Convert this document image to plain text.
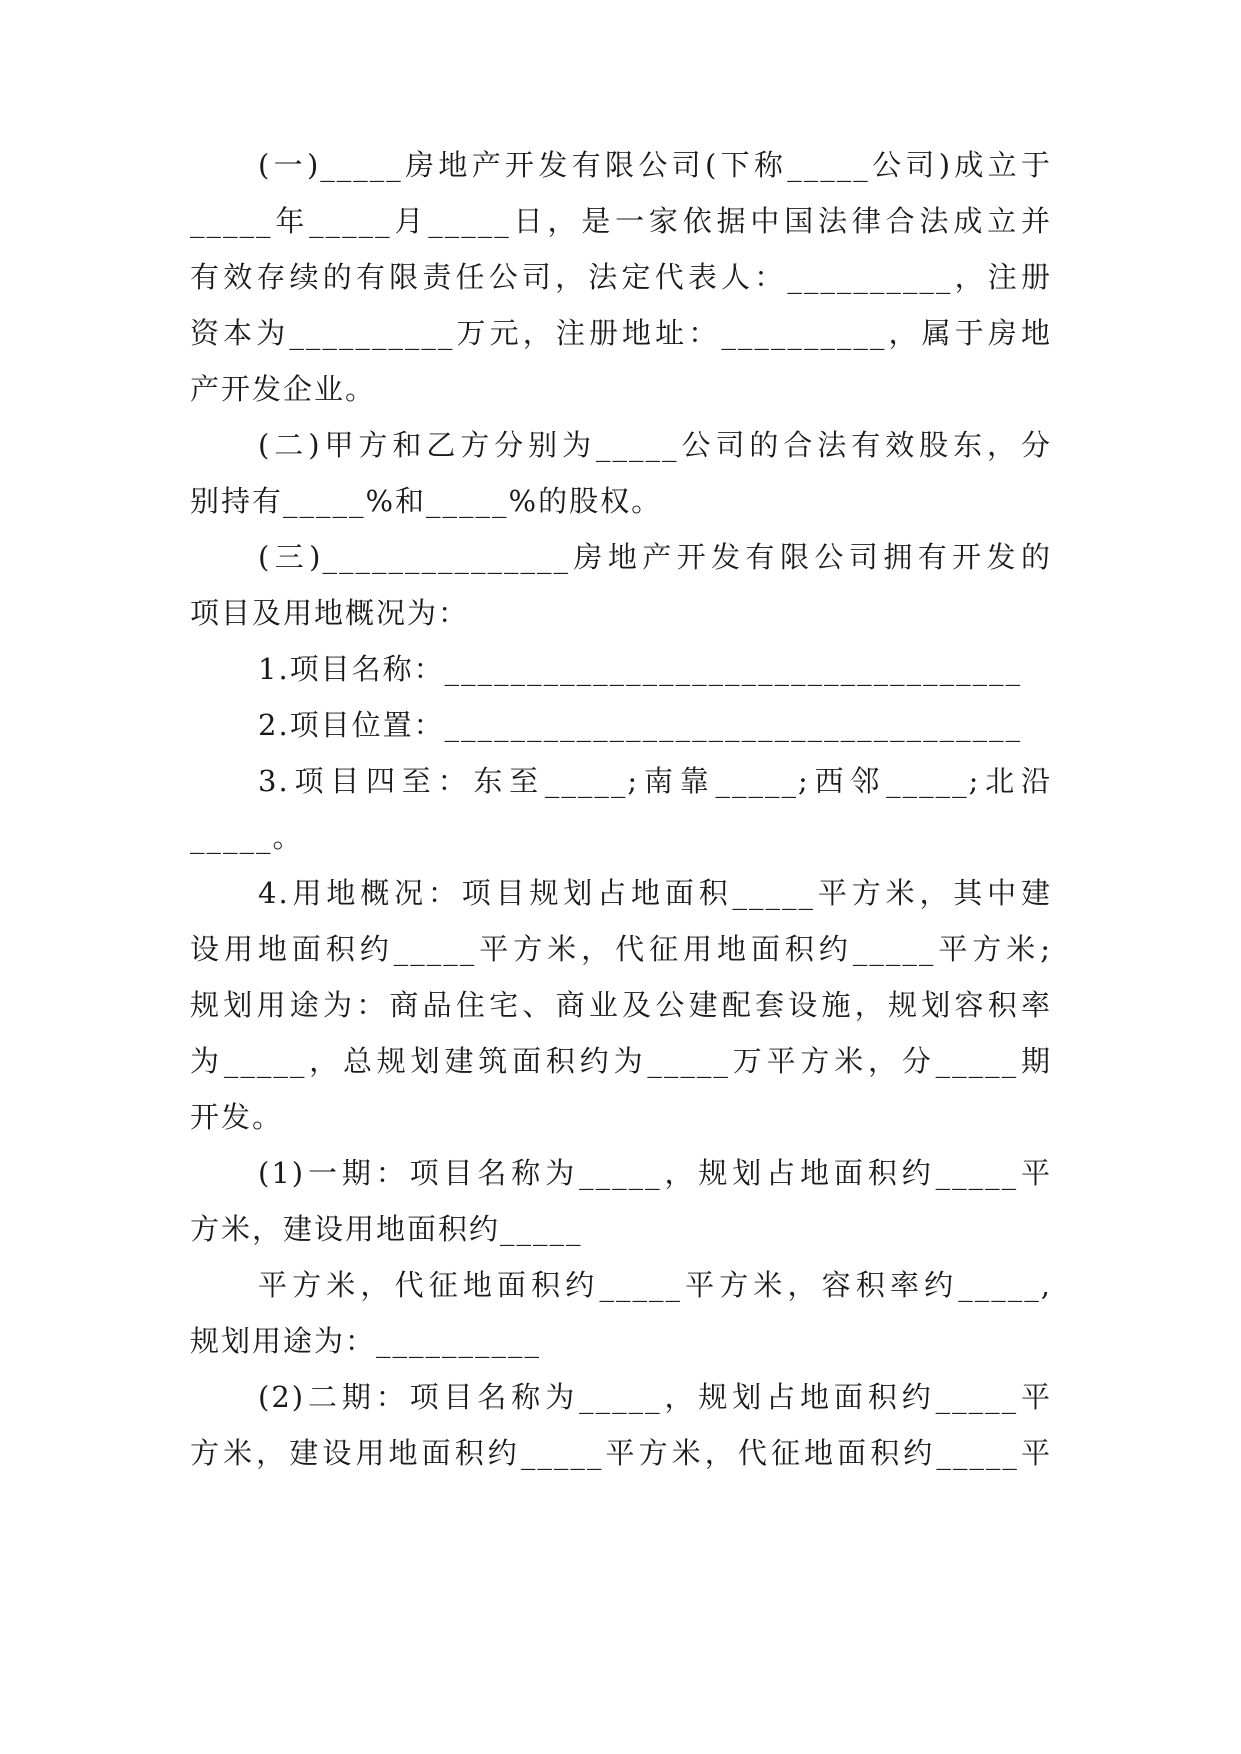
(一)_____房地产开发有限公司(下称_____公司)成立于
_____年_____月_____日，是一家依据中国法律合法成立并
有效存续的有限责任公司，法定代表人：__________，注册
资本为__________万元，注册地址：__________，属于房地
产开发企业。
(二)甲方和乙方分别为_____公司的合法有效股东，分
别持有_____%和_____%的股权。
(三)_______________房地产开发有限公司拥有开发的
项目及用地概况为：
1.项目名称：___________________________________
2.项目位置：___________________________________
3.项目四至：东至_____;南靠_____;西邻_____;北沿
_____。
4.用地概况：项目规划占地面积_____平方米，其中建
设用地面积约_____平方米，代征用地面积约_____平方米;
规划用途为：商品住宅、商业及公建配套设施，规划容积率
为_____，总规划建筑面积约为_____万平方米，分_____期
开发。
(1)一期：项目名称为_____，规划占地面积约_____平
方米，建设用地面积约_____
平方米，代征地面积约_____平方米，容积率约_____,
规划用途为：__________
(2)二期：项目名称为_____，规划占地面积约_____平
方米，建设用地面积约_____平方米，代征地面积约_____平
